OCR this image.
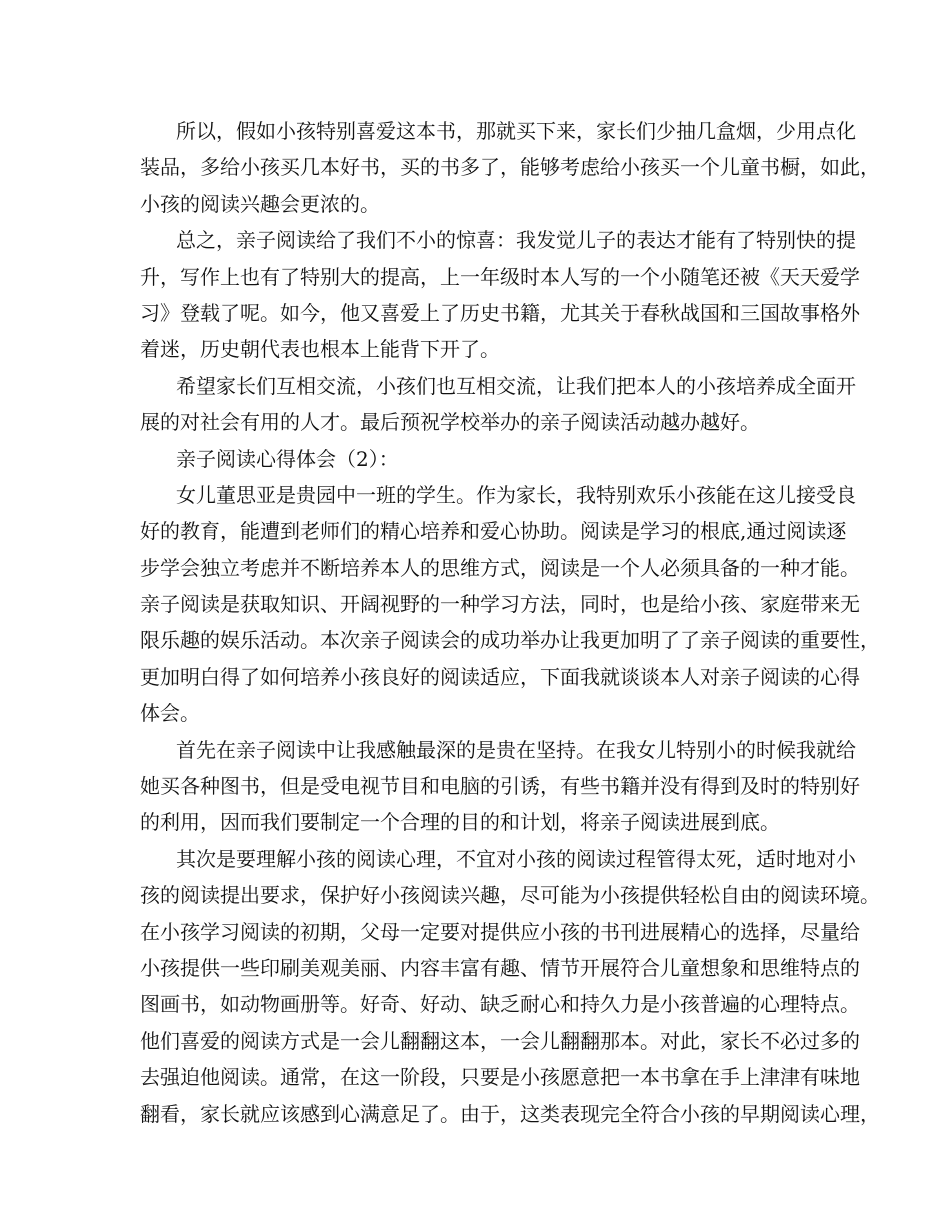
所以，假如小孩特别喜爱这本书，那就买下来，家长们少抽几盒烟，少用点化
装品，多给小孩买几本好书，买的书多了，能够考虑给小孩买一个儿童书橱，如此，
小孩的阅读兴趣会更浓的。
总之，亲子阅读给了我们不小的惊喜：我发觉儿子的表达才能有了特别快的提
升，写作上也有了特别大的提高，上一年级时本人写的一个小随笔还被《天天爱学
习》登载了呢。如今，他又喜爱上了历史书籍，尤其关于春秋战国和三国故事格外
着迷，历史朝代表也根本上能背下开了。
希望家长们互相交流，小孩们也互相交流，让我们把本人的小孩培养成全面开
展的对社会有用的人才。最后预祝学校举办的亲子阅读活动越办越好。
亲子阅读心得体会（2）：
女儿董思亚是贵园中一班的学生。作为家长，我特别欢乐小孩能在这儿接受良
好的教育，能遭到老师们的精心培养和爱心协助。阅读是学习的根底,通过阅读逐
步学会独立考虑并不断培养本人的思维方式，阅读是一个人必须具备的一种才能。
亲子阅读是获取知识、开阔视野的一种学习方法，同时，也是给小孩、家庭带来无
限乐趣的娱乐活动。本次亲子阅读会的成功举办让我更加明了了亲子阅读的重要性，
更加明白得了如何培养小孩良好的阅读适应，下面我就谈谈本人对亲子阅读的心得
体会。
首先在亲子阅读中让我感触最深的是贵在坚持。在我女儿特别小的时候我就给
她买各种图书，但是受电视节目和电脑的引诱，有些书籍并没有得到及时的特别好
的利用，因而我们要制定一个合理的目的和计划，将亲子阅读进展到底。
其次是要理解小孩的阅读心理，不宜对小孩的阅读过程管得太死，适时地对小
孩的阅读提出要求，保护好小孩阅读兴趣，尽可能为小孩提供轻松自由的阅读环境。
在小孩学习阅读的初期，父母一定要对提供应小孩的书刊进展精心的选择，尽量给
小孩提供一些印刷美观美丽、内容丰富有趣、情节开展符合儿童想象和思维特点的
图画书，如动物画册等。好奇、好动、缺乏耐心和持久力是小孩普遍的心理特点。
他们喜爱的阅读方式是一会儿翻翻这本，一会儿翻翻那本。对此，家长不必过多的
去强迫他阅读。通常，在这一阶段，只要是小孩愿意把一本书拿在手上津津有味地
翻看，家长就应该感到心满意足了。由于，这类表现完全符合小孩的早期阅读心理，
